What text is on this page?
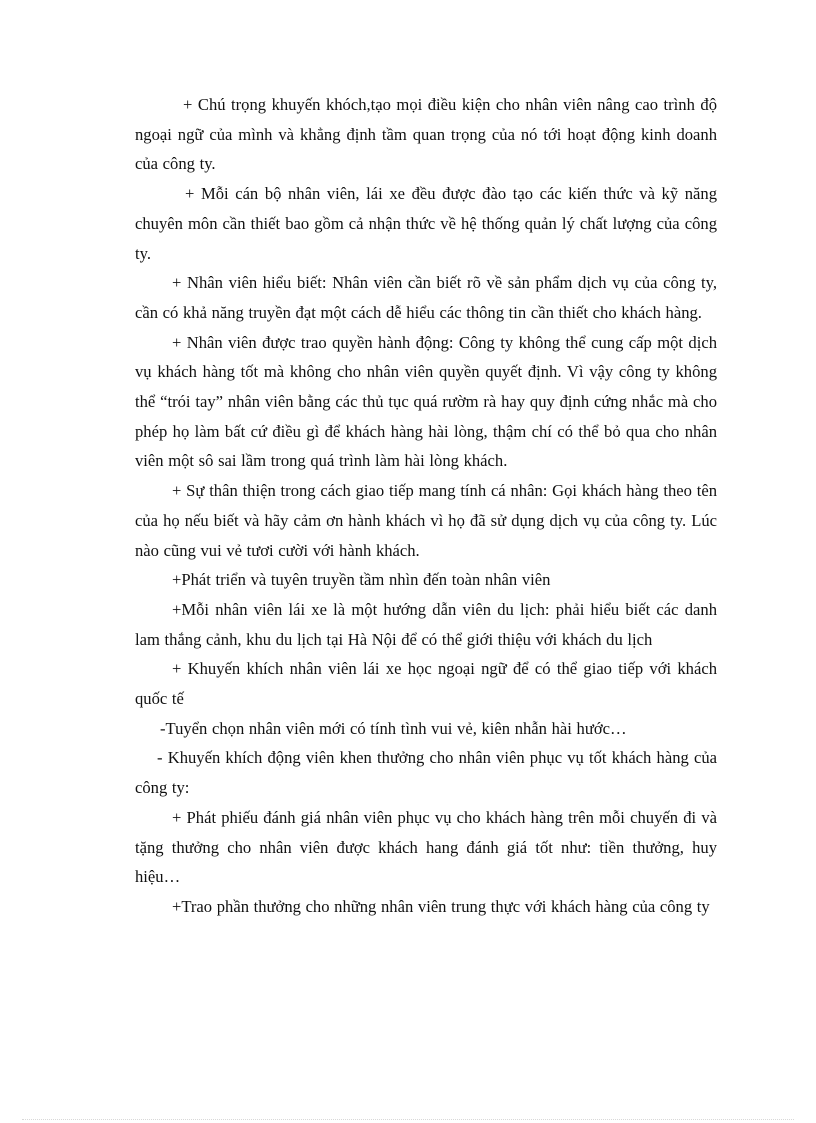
+ Chú trọng khuyến khóch,tạo mọi điều kiện cho nhân viên nâng cao trình độ ngoại ngữ của mình và khẳng định tầm quan trọng của nó tới hoạt động kinh doanh của công ty.

+ Mỗi cán bộ nhân viên, lái xe đều được đào tạo các kiến thức và kỹ năng chuyên môn cần thiết bao gồm cả nhận thức về hệ thống quản lý chất lượng của công ty.

+ Nhân viên hiểu biết: Nhân viên cần biết rõ về sản phẩm dịch vụ của công ty, cần có khả năng truyền đạt một cách dễ hiểu các thông tin cần thiết cho khách hàng.

+ Nhân viên được trao quyền hành động: Công ty không thể cung cấp một dịch vụ khách hàng tốt mà không cho nhân viên quyền quyết định. Vì vậy công ty không thể “trói tay” nhân viên bằng các thủ tục quá rườm rà hay quy định cứng nhắc mà cho phép họ làm bất cứ điều gì để khách hàng hài lòng, thậm chí có thể bỏ qua cho nhân viên một sô sai lầm trong quá trình làm hài lòng khách.

+ Sự thân thiện trong cách giao tiếp mang tính cá nhân: Gọi khách hàng theo tên của họ nếu biết và hãy cảm ơn hành khách vì họ đã sử dụng dịch vụ của công ty. Lúc nào cũng vui vẻ tươi cười với hành khách.

+Phát triển và tuyên truyền tầm nhìn đến toàn nhân viên

+Mỗi nhân viên lái xe là một hướng dẫn viên du lịch: phải hiểu biết các danh lam thắng cảnh, khu du lịch tại Hà Nội để có thể giới thiệu với khách du lịch

+ Khuyến khích nhân viên lái xe học ngoại ngữ để có thể giao tiếp với khách quốc tế

-Tuyển chọn nhân viên mới có tính tình vui vẻ, kiên nhẫn hài hước…

- Khuyến khích động viên khen thưởng cho nhân viên phục vụ tốt khách hàng của công ty:

+ Phát phiếu đánh giá nhân viên phục vụ cho khách hàng trên mỗi chuyến đi và tặng thưởng cho nhân viên được khách hang đánh giá tốt như: tiền thưởng, huy hiệu…

+Trao phần thưởng cho những nhân viên trung thực với khách hàng của công ty
